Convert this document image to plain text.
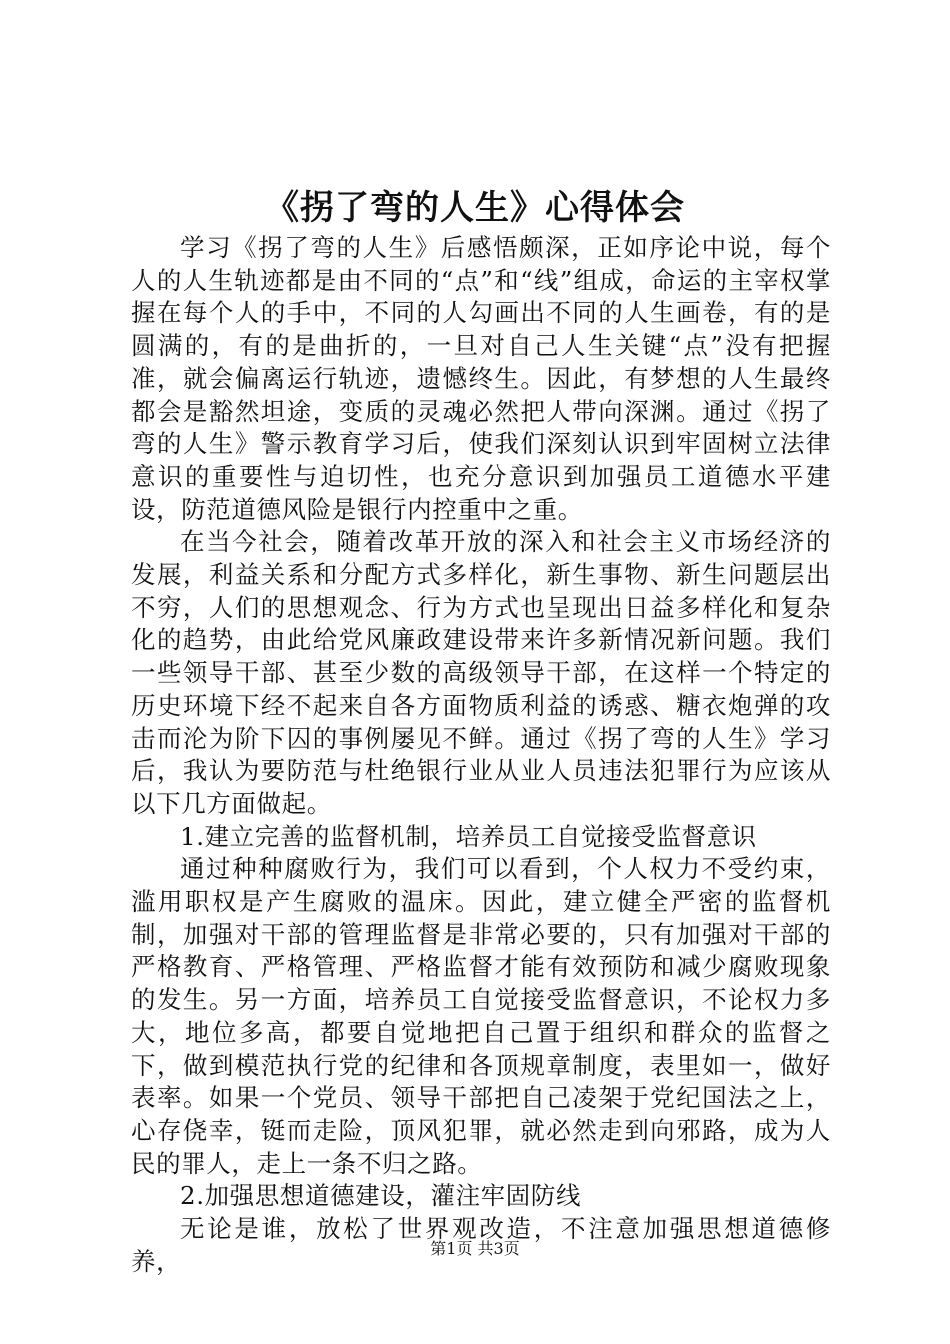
《拐了弯的人生》心得体会

学习《拐了弯的人生》后感悟颇深，正如序论中说，每个人的人生轨迹都是由不同的“点”和“线”组成，命运的主宰权掌握在每个人的手中，不同的人勾画出不同的人生画卷，有的是圆满的，有的是曲折的，一旦对自己人生关键“点”没有把握准，就会偏离运行轨迹，遗憾终生。因此，有梦想的人生最终都会是豁然坦途，变质的灵魂必然把人带向深渊。通过《拐了弯的人生》警示教育学习后，使我们深刻认识到牢固树立法律意识的重要性与迫切性，也充分意识到加强员工道德水平建设，防范道德风险是银行内控重中之重。

在当今社会，随着改革开放的深入和社会主义市场经济的发展，利益关系和分配方式多样化，新生事物、新生问题层出不穷，人们的思想观念、行为方式也呈现出日益多样化和复杂化的趋势，由此给党风廉政建设带来许多新情况新问题。我们一些领导干部、甚至少数的高级领导干部，在这样一个特定的历史环境下经不起来自各方面物质利益的诱惑、糖衣炮弹的攻击而沦为阶下囚的事例屡见不鲜。通过《拐了弯的人生》学习后，我认为要防范与杜绝银行业从业人员违法犯罪行为应该从以下几方面做起。

1.建立完善的监督机制，培养员工自觉接受监督意识

通过种种腐败行为，我们可以看到，个人权力不受约束，滥用职权是产生腐败的温床。因此，建立健全严密的监督机制，加强对干部的管理监督是非常必要的，只有加强对干部的严格教育、严格管理、严格监督才能有效预防和减少腐败现象的发生。另一方面，培养员工自觉接受监督意识，不论权力多大，地位多高，都要自觉地把自己置于组织和群众的监督之下，做到模范执行党的纪律和各顶规章制度，表里如一，做好表率。如果一个党员、领导干部把自己凌架于党纪国法之上，心存侥幸，铤而走险，顶风犯罪，就必然走到向邪路，成为人民的罪人，走上一条不归之路。

2.加强思想道德建设，灌注牢固防线

无论是谁，放松了世界观改造，不注意加强思想道德修养，	第1页 共3页
